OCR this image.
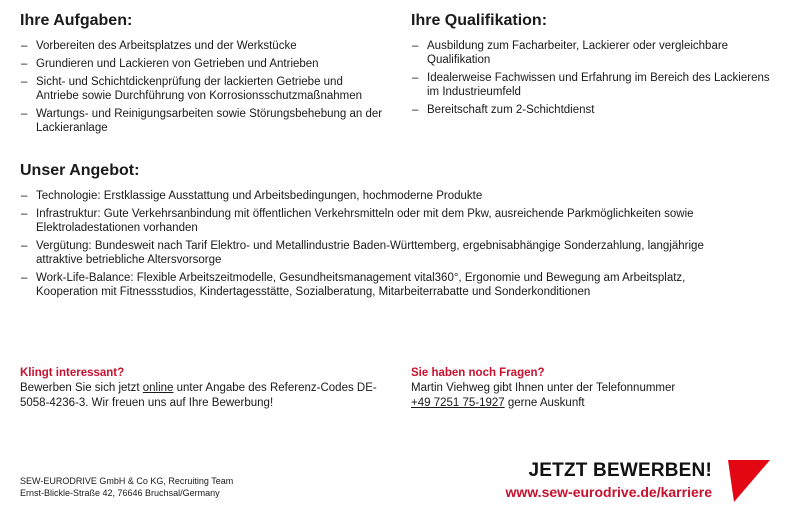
Ihre Aufgaben:
– Vorbereiten des Arbeitsplatzes und der Werkstücke
– Grundieren und Lackieren von Getrieben und Antrieben
– Sicht- und Schichtdickenprüfung der lackierten Getriebe und Antriebe sowie Durchführung von Korrosionsschutzmaßnahmen
– Wartungs- und Reinigungsarbeiten sowie Störungsbehebung an der Lackieranlage
Ihre Qualifikation:
– Ausbildung zum Facharbeiter, Lackierer oder vergleichbare Qualifikation
– Idealerweise Fachwissen und Erfahrung im Bereich des Lackierens im Industrieumfeld
– Bereitschaft zum 2-Schichtdienst
Unser Angebot:
– Technologie: Erstklassige Ausstattung und Arbeitsbedingungen, hochmoderne Produkte
– Infrastruktur: Gute Verkehrsanbindung mit öffentlichen Verkehrsmitteln oder mit dem Pkw, ausreichende Parkmöglichkeiten sowie Elektroladestationen vorhanden
– Vergütung: Bundesweit nach Tarif Elektro- und Metallindustrie Baden-Württemberg, ergebnisabhängige Sonderzahlung, langjährige attraktive betriebliche Altersvorsorge
– Work-Life-Balance: Flexible Arbeitszeitmodelle, Gesundheitsmanagement vital360°, Ergonomie und Bewegung am Arbeitsplatz, Kooperation mit Fitnessstudios, Kindertagesstätte, Sozialberatung, Mitarbeiterrabatte und Sonderkonditionen
Klingt interessant?
Bewerben Sie sich jetzt online unter Angabe des Referenz-Codes DE-5058-4236-3. Wir freuen uns auf Ihre Bewerbung!
Sie haben noch Fragen?
Martin Viehweg gibt Ihnen unter der Telefonnummer
+49 7251 75-1927 gerne Auskunft
SEW-EURODRIVE GmbH & Co KG, Recruiting Team
Ernst-Blickle-Straße 42, 76646 Bruchsal/Germany
JETZT BEWERBEN!
www.sew-eurodrive.de/karriere
